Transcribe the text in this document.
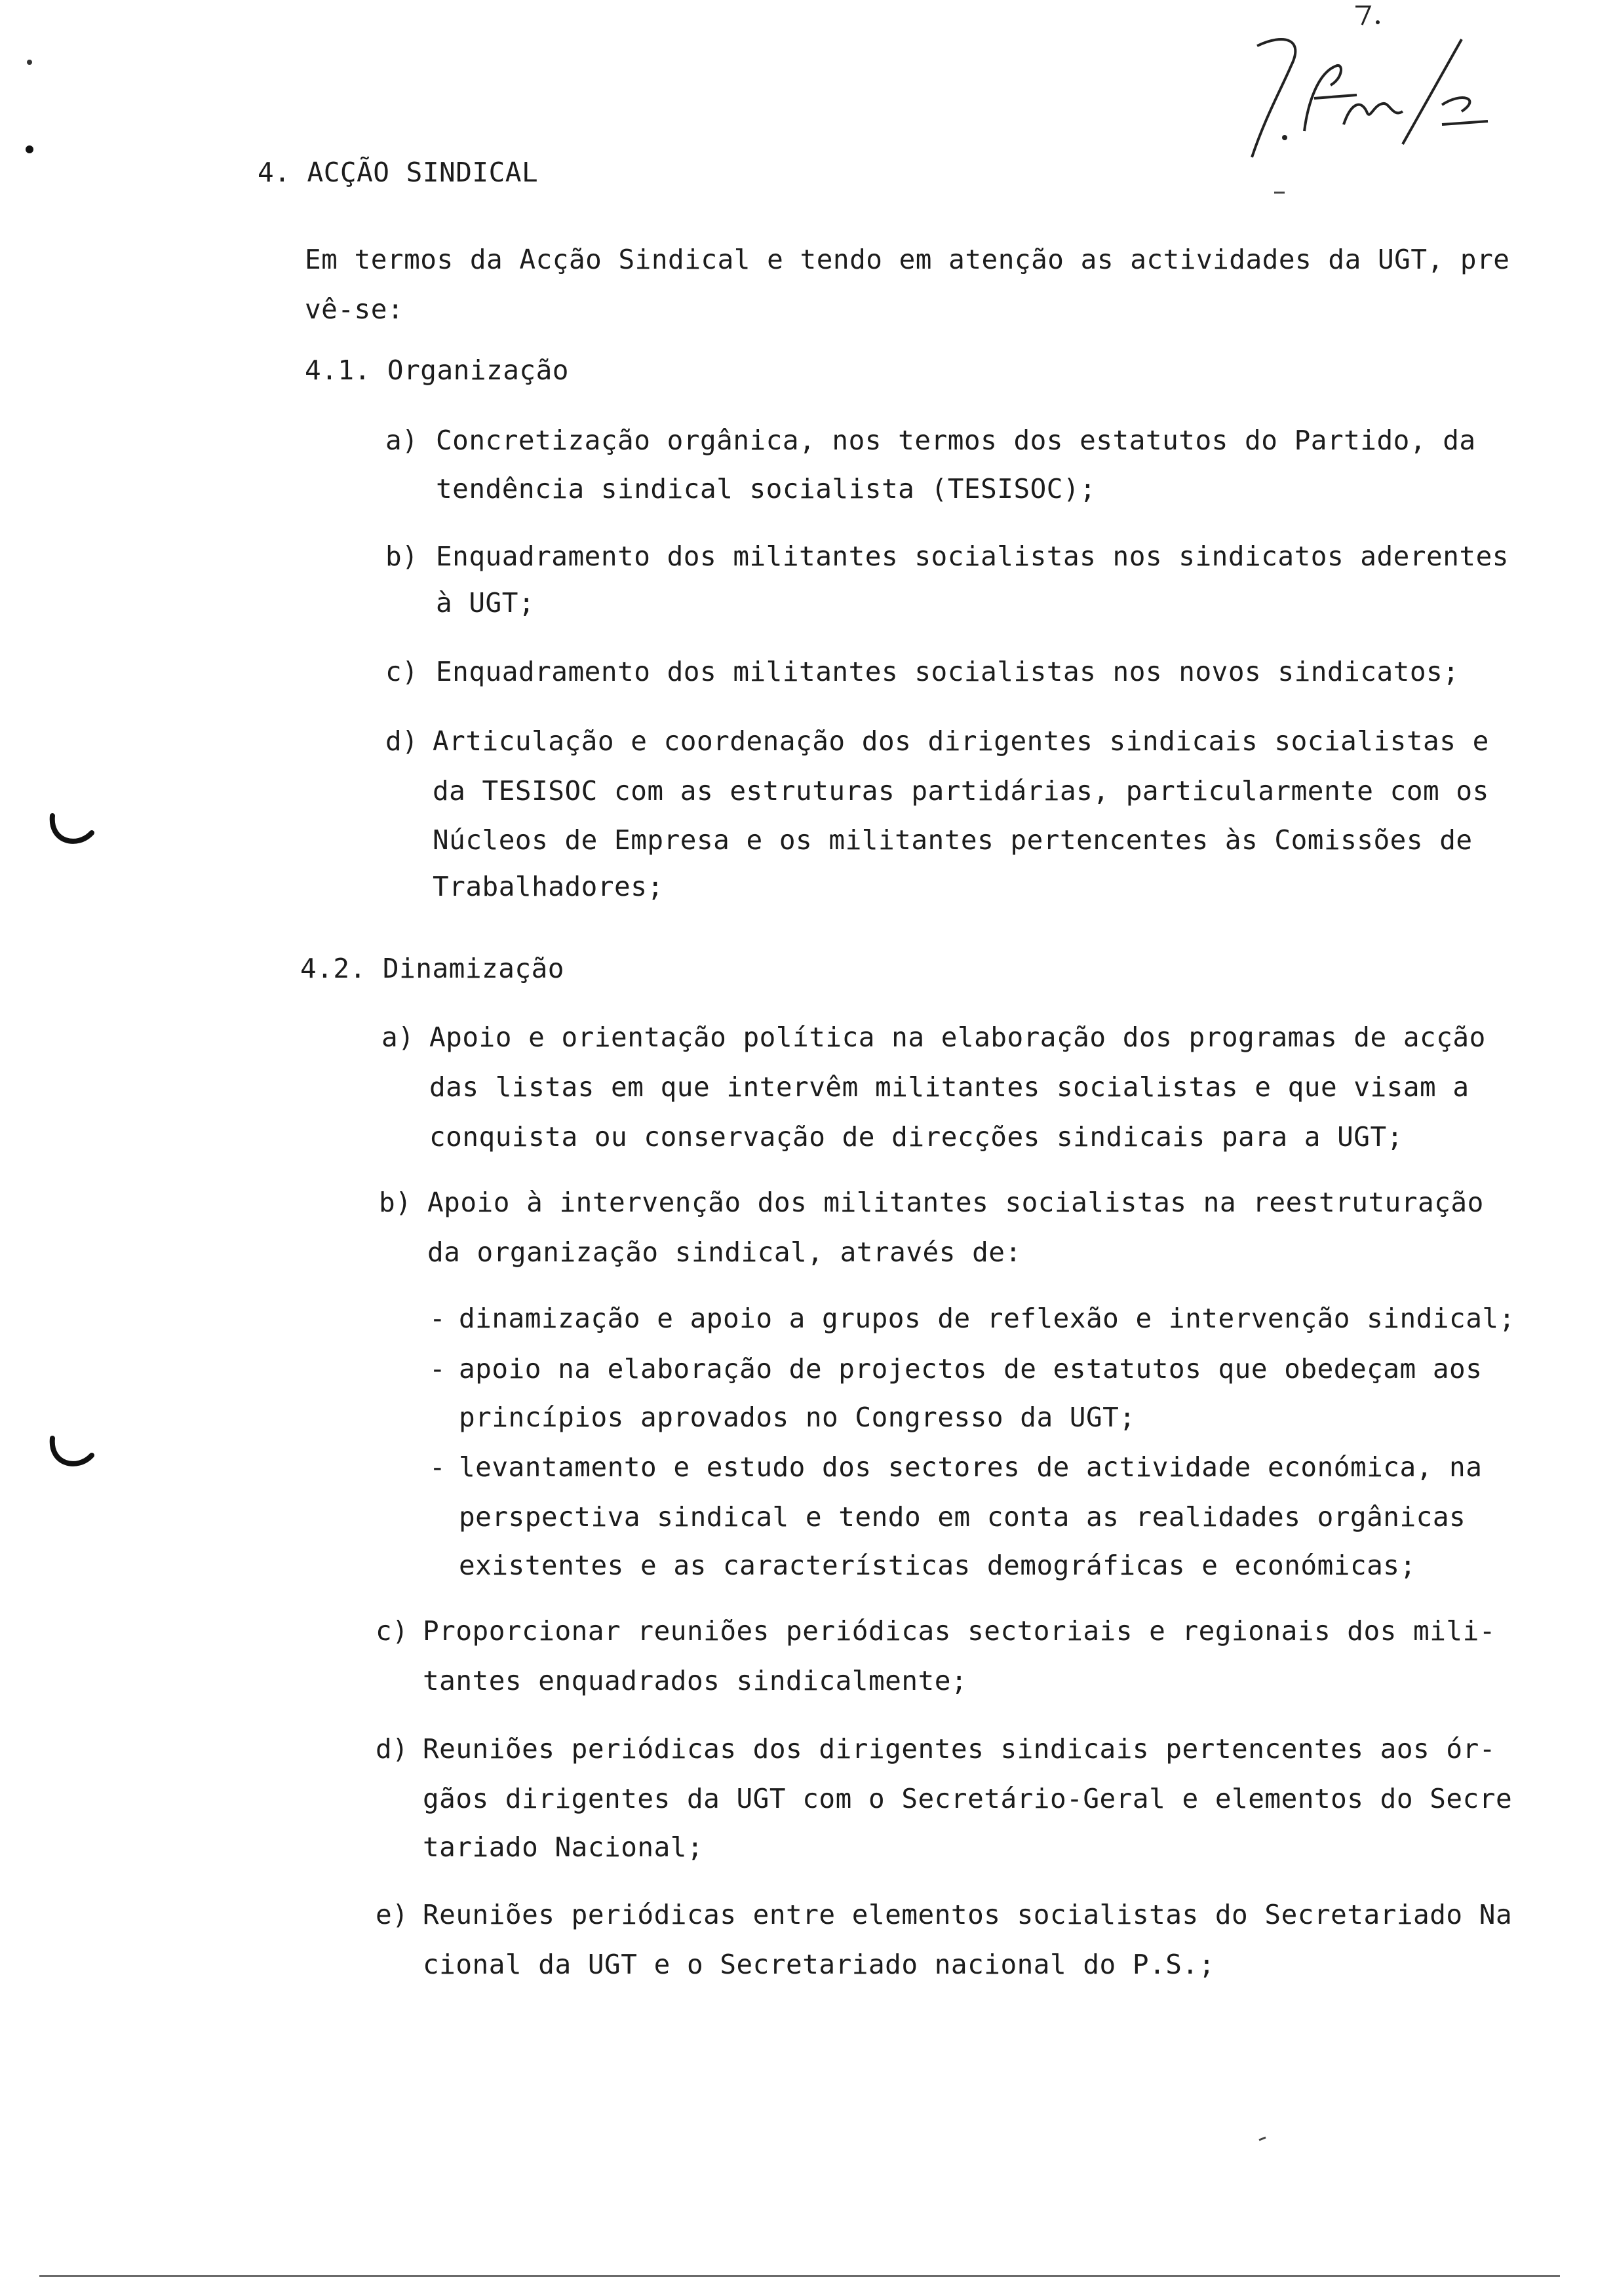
4. ACÇÃO SINDICAL
Em termos da Acção Sindical e tendo em atenção as actividades da UGT, pre
vê-se:
4.1. Organização
a) Concretização orgânica, nos termos dos estatutos do Partido, da
tendência sindical socialista (TESISOC);
b) Enquadramento dos militantes socialistas nos sindicatos aderentes
à UGT;
c) Enquadramento dos militantes socialistas nos novos sindicatos;
d) Articulação e coordenação dos dirigentes sindicais socialistas e
da TESISOC com as estruturas partidárias, particularmente com os
Núcleos de Empresa e os militantes pertencentes às Comissões de
Trabalhadores;
4.2. Dinamização
a) Apoio e orientação política na elaboração dos programas de acção
das listas em que intervêm militantes socialistas e que visam a
conquista ou conservação de direcções sindicais para a UGT;
b) Apoio à intervenção dos militantes socialistas na reestruturação
da organização sindical, através de:
- dinamização e apoio a grupos de reflexão e intervenção sindical;
- apoio na elaboração de projectos de estatutos que obedeçam aos
princípios aprovados no Congresso da UGT;
- levantamento e estudo dos sectores de actividade económica, na
perspectiva sindical e tendo em conta as realidades orgânicas
existentes e as características demográficas e económicas;
c) Proporcionar reuniões periódicas sectoriais e regionais dos mili-
tantes enquadrados sindicalmente;
d) Reuniões periódicas dos dirigentes sindicais pertencentes aos ór-
gãos dirigentes da UGT com o Secretário-Geral e elementos do Secre
tariado Nacional;
e) Reuniões periódicas entre elementos socialistas do Secretariado Na
cional da UGT e o Secretariado nacional do P.S.;
